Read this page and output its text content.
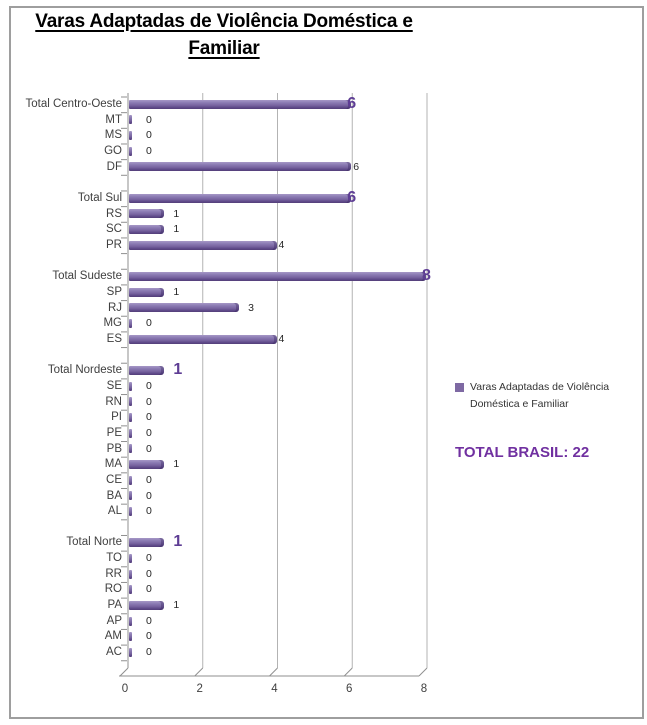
Varas Adaptadas de Violência Doméstica e Familiar
0	2	4	6	8
Varas Adaptadas de Violência Doméstica e Familiar
TOTAL BRASIL: 22
Total Centro-Oeste	6
MT 0
MS 0
GO 0
DF	6
Total Sul	6
RS	1
SC	1
PR	4
Total Sudeste	8
SP	1
RJ	3
MG 0
ES	4
Total Nordeste	1
SE 0
RN 0
PI 0
PE 0
PB 0
MA	1
CE 0
BA 0
AL 0
Total Norte	1
TO 0
RR 0
RO 0
PA	1
AP 0
AM 0
AC 0
